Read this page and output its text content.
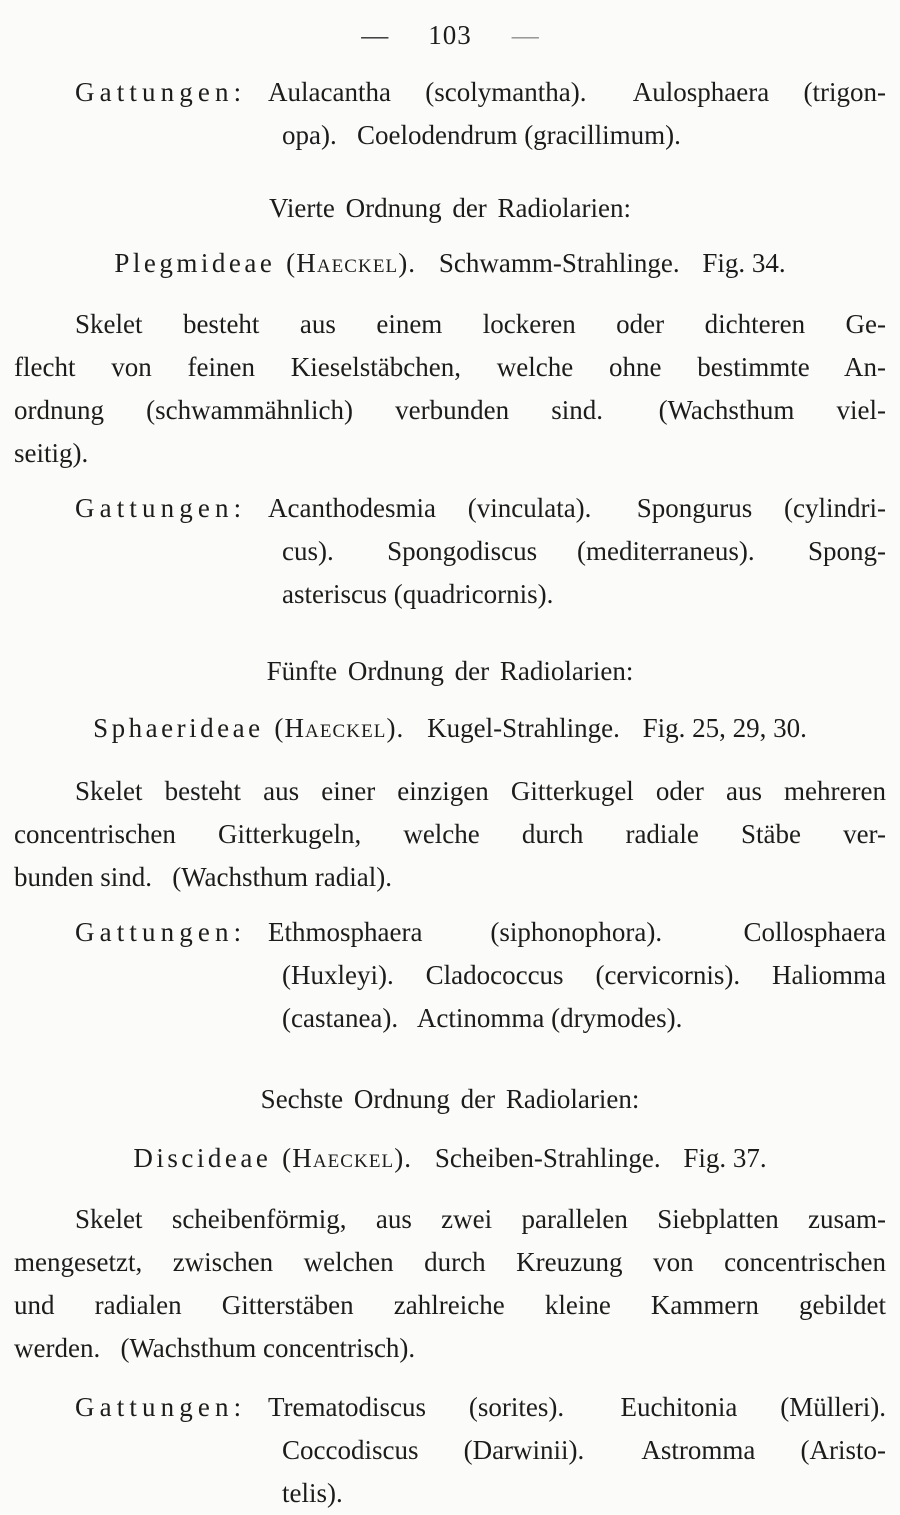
— 103 —
Gattungen: Aulacantha (scolymantha).  Aulosphaera (trigon-
opa).  Coelodendrum (gracillimum).
Vierte Ordnung der Radiolarien:
Plegmideae (Haeckel). Schwamm-Strahlinge. Fig. 34.
Skelet besteht aus einem lockeren oder dichteren Ge-
flecht von feinen Kieselstäbchen, welche ohne bestimmte An-
ordnung (schwammähnlich) verbunden sind.  (Wachsthum viel-
seitig).
Gattungen: Acanthodesmia (vinculata).  Spongurus (cylindri-
cus).  Spongodiscus (mediterraneus).  Spong-
asteriscus (quadricornis).
Fünfte Ordnung der Radiolarien:
Sphaerideae (Haeckel). Kugel-Strahlinge. Fig. 25, 29, 30.
Skelet besteht aus einer einzigen Gitterkugel oder aus mehreren
concentrischen Gitterkugeln, welche durch radiale Stäbe ver-
bunden sind.  (Wachsthum radial).
Gattungen: Ethmosphaera (siphonophora).  Collosphaera
(Huxleyi). Cladococcus (cervicornis). Haliomma
(castanea).  Actinomma (drymodes).
Sechste Ordnung der Radiolarien:
Discideae (Haeckel). Scheiben-Strahlinge. Fig. 37.
Skelet scheibenförmig, aus zwei parallelen Siebplatten zusam-
mengesetzt, zwischen welchen durch Kreuzung von concentrischen
und radialen Gitterstäben zahlreiche kleine Kammern gebildet
werden.  (Wachsthum concentrisch).
Gattungen: Trematodiscus (sorites).  Euchitonia (Mülleri).
Coccodiscus (Darwinii).  Astromma (Aristo-
telis).
